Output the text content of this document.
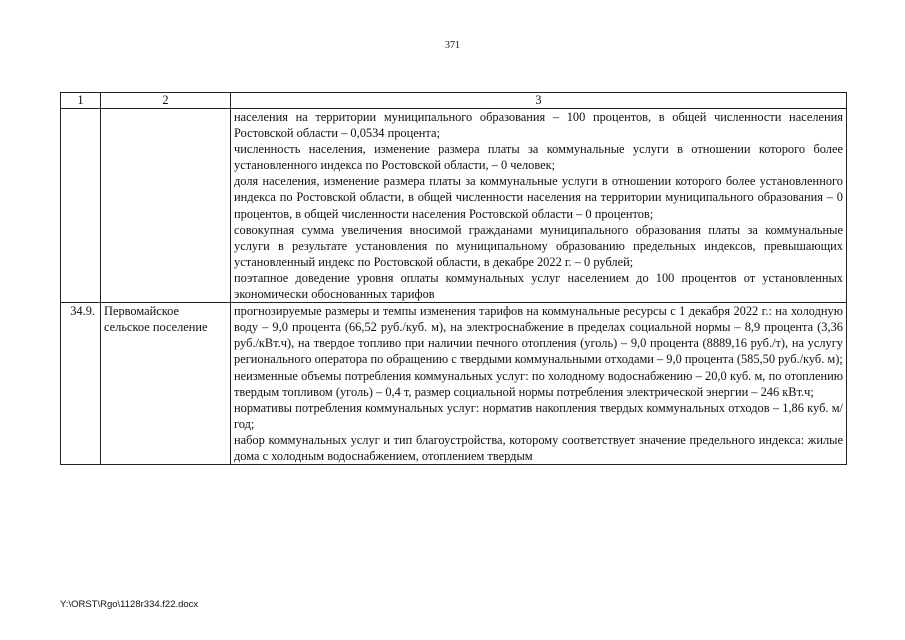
371
1	2	3

		населения на территории муниципального образования – 100 процентов, в общей численности населения Ростовской области – 0,0534 процента;

численность населения, изменение размера платы за коммунальные услуги в отношении которого более установленного индекса по Ростовской области, – 0 человек;

доля населения, изменение размера платы за коммунальные услуги в отношении которого более установленного индекса по Ростовской области, в общей численности населения на территории муниципального образования – 0 процентов, в общей численности населения Ростовской области – 0 процентов;

совокупная сумма увеличения вносимой гражданами муниципального образования платы за коммунальные услуги в результате установления по муниципальному образованию предельных индексов, превышающих установленный индекс по Ростовской области, в декабре 2022 г. – 0 рублей;

поэтапное доведение уровня оплаты коммунальных услуг населением до 100 процентов от установленных экономически обоснованных тарифов

34.9.	Первомайское сельское поселение	прогнозируемые размеры и темпы изменения тарифов на коммунальные ресурсы с 1 декабря 2022 г.: на холодную воду – 9,0 процента (66,52 руб./куб. м), на электроснабжение в пределах социальной нормы – 8,9 процента (3,36 руб./кВт.ч), на твердое топливо при наличии печного отопления (уголь) – 9,0 процента (8889,16 руб./т), на услугу регионального оператора по обращению с твердыми коммунальными отходами – 9,0 процента (585,50 руб./куб. м);

неизменные объемы потребления коммунальных услуг: по холодному водоснабжению – 20,0 куб. м, по отоплению твердым топливом (уголь) – 0,4 т, размер социальной нормы потребления электрической энергии – 246 кВт.ч;

нормативы потребления коммунальных услуг: норматив накопления твердых коммунальных отходов – 1,86 куб. м/год;

набор коммунальных услуг и тип благоустройства, которому соответствует значение предельного индекса: жилые дома с холодным водоснабжением, отоплением твердым

Y:\ORST\Rgo\1128r334.f22.docx
